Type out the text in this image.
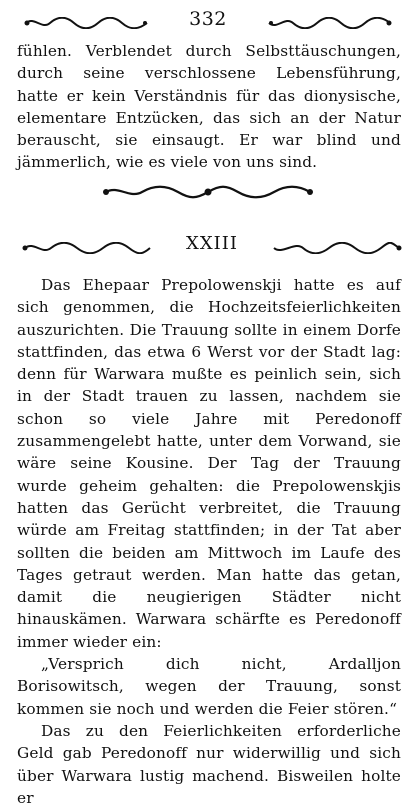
332

fühlen. Verblendet durch Selbsttäuschungen, durch seine verschlossene Lebensführung, hatte er kein Verständnis für das dionysische, elementare Entzücken, das sich an der Natur berauscht, sie einsaugt. Er war blind und jämmerlich, wie es viele von uns sind.

XXIII

Das Ehepaar Prepolowenskji hatte es auf sich genommen, die Hochzeitsfeierlichkeiten auszurichten. Die Trauung sollte in einem Dorfe stattfinden, das etwa 6 Werst vor der Stadt lag: denn für Warwara mußte es peinlich sein, sich in der Stadt trauen zu lassen, nachdem sie schon so viele Jahre mit Peredonoff zusammengelebt hatte, unter dem Vorwand, sie wäre seine Kousine. Der Tag der Trauung wurde geheim gehalten: die Prepolowenskjis hatten das Gerücht verbreitet, die Trauung würde am Freitag stattfinden; in der Tat aber sollten die beiden am Mittwoch im Laufe des Tages getraut werden. Man hatte das getan, damit die neugierigen Städter nicht hinauskämen. Warwara schärfte es Peredonoff immer wieder ein:

„Versprich dich nicht, Ardalljon Borisowitsch, wegen der Trauung, sonst kommen sie noch und werden die Feier stören.“

Das zu den Feierlichkeiten erforderliche Geld gab Peredonoff nur widerwillig und sich über Warwara lustig machend. Bisweilen holte er
